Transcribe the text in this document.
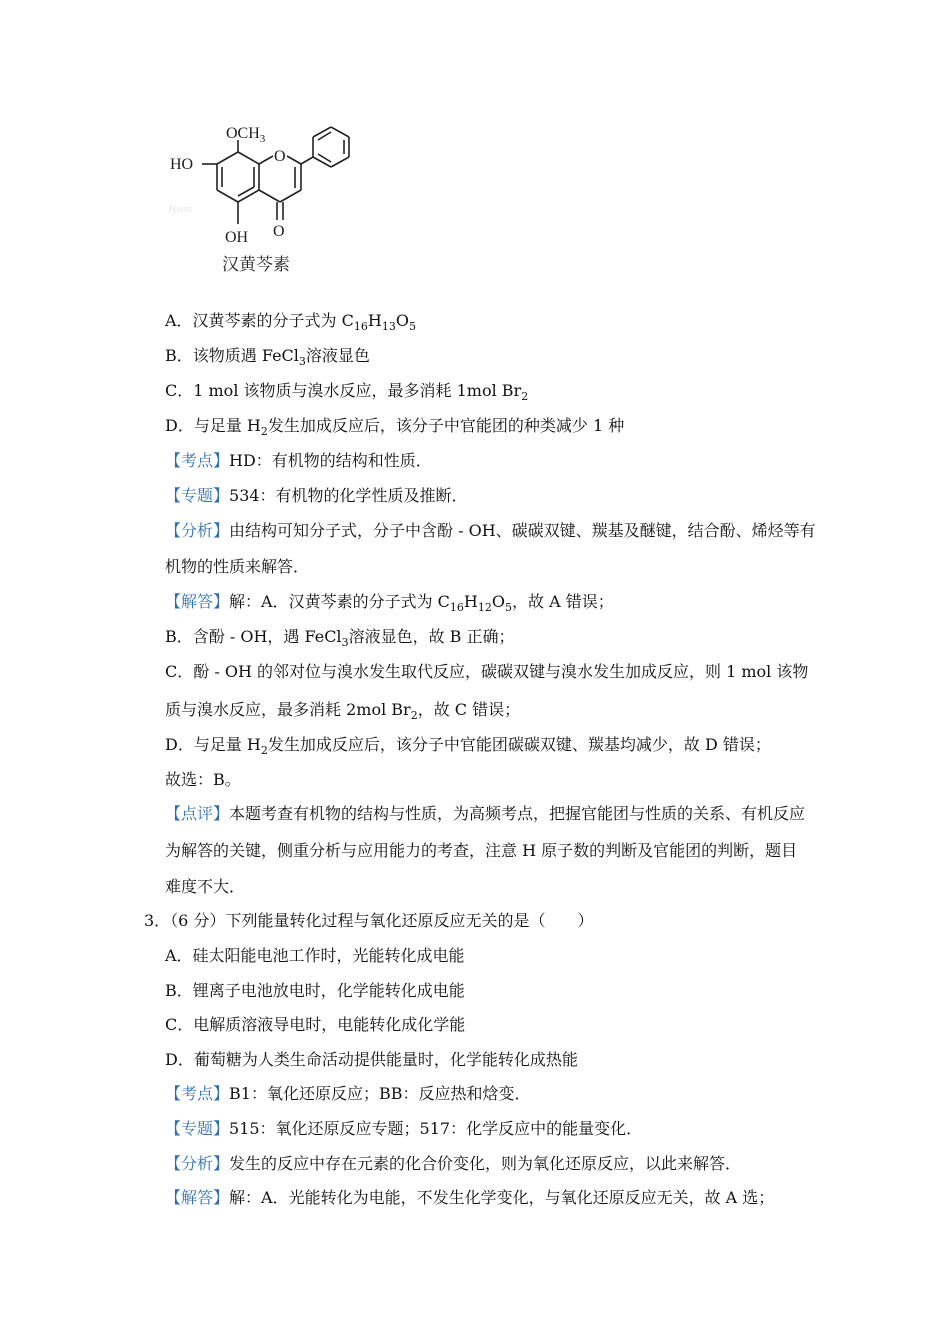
$OCH_3$
HO
OH
O
O
Jyeoo
汉黄芩素
A．汉黄芩素的分子式为 $C_{16}H_{13}O_5$
B．该物质遇 FeCl$_3$溶液显色
C．1 mol 该物质与溴水反应，最多消耗 1mol $Br_2$
D．与足量 $H_2$发生加成反应后，该分子中官能团的种类减少 1 种
【考点】HD：有机物的结构和性质．
【专题】534：有机物的化学性质及推断．
【分析】由结构可知分子式，分子中含酚 - OH、碳碳双键、羰基及醚键，结合酚、烯烃等有
机物的性质来解答．
【解答】解：A．汉黄芩素的分子式为 $C_{16}H_{12}O_5$，故 A 错误；
B．含酚 - OH，遇 FeCl$_3$溶液显色，故 B 正确；
C．酚 - OH 的邻对位与溴水发生取代反应，碳碳双键与溴水发生加成反应，则 1 mol 该物
质与溴水反应，最多消耗 2mol $Br_2$，故 C 错误；
D．与足量 $H_2$发生加成反应后，该分子中官能团碳碳双键、羰基均减少，故 D 错误；
故选：B。
【点评】本题考查有机物的结构与性质，为高频考点，把握官能团与性质的关系、有机反应
为解答的关键，侧重分析与应用能力的考查，注意 H 原子数的判断及官能团的判断，题目
难度不大．
3．（6 分）下列能量转化过程与氧化还原反应无关的是（　　）
A．硅太阳能电池工作时，光能转化成电能
B．锂离子电池放电时，化学能转化成电能
C．电解质溶液导电时，电能转化成化学能
D．葡萄糖为人类生命活动提供能量时，化学能转化成热能
【考点】B1：氧化还原反应；BB：反应热和焓变．
【专题】515：氧化还原反应专题；517：化学反应中的能量变化．
【分析】发生的反应中存在元素的化合价变化，则为氧化还原反应，以此来解答．
【解答】解：A．光能转化为电能，不发生化学变化，与氧化还原反应无关，故 A 选；
